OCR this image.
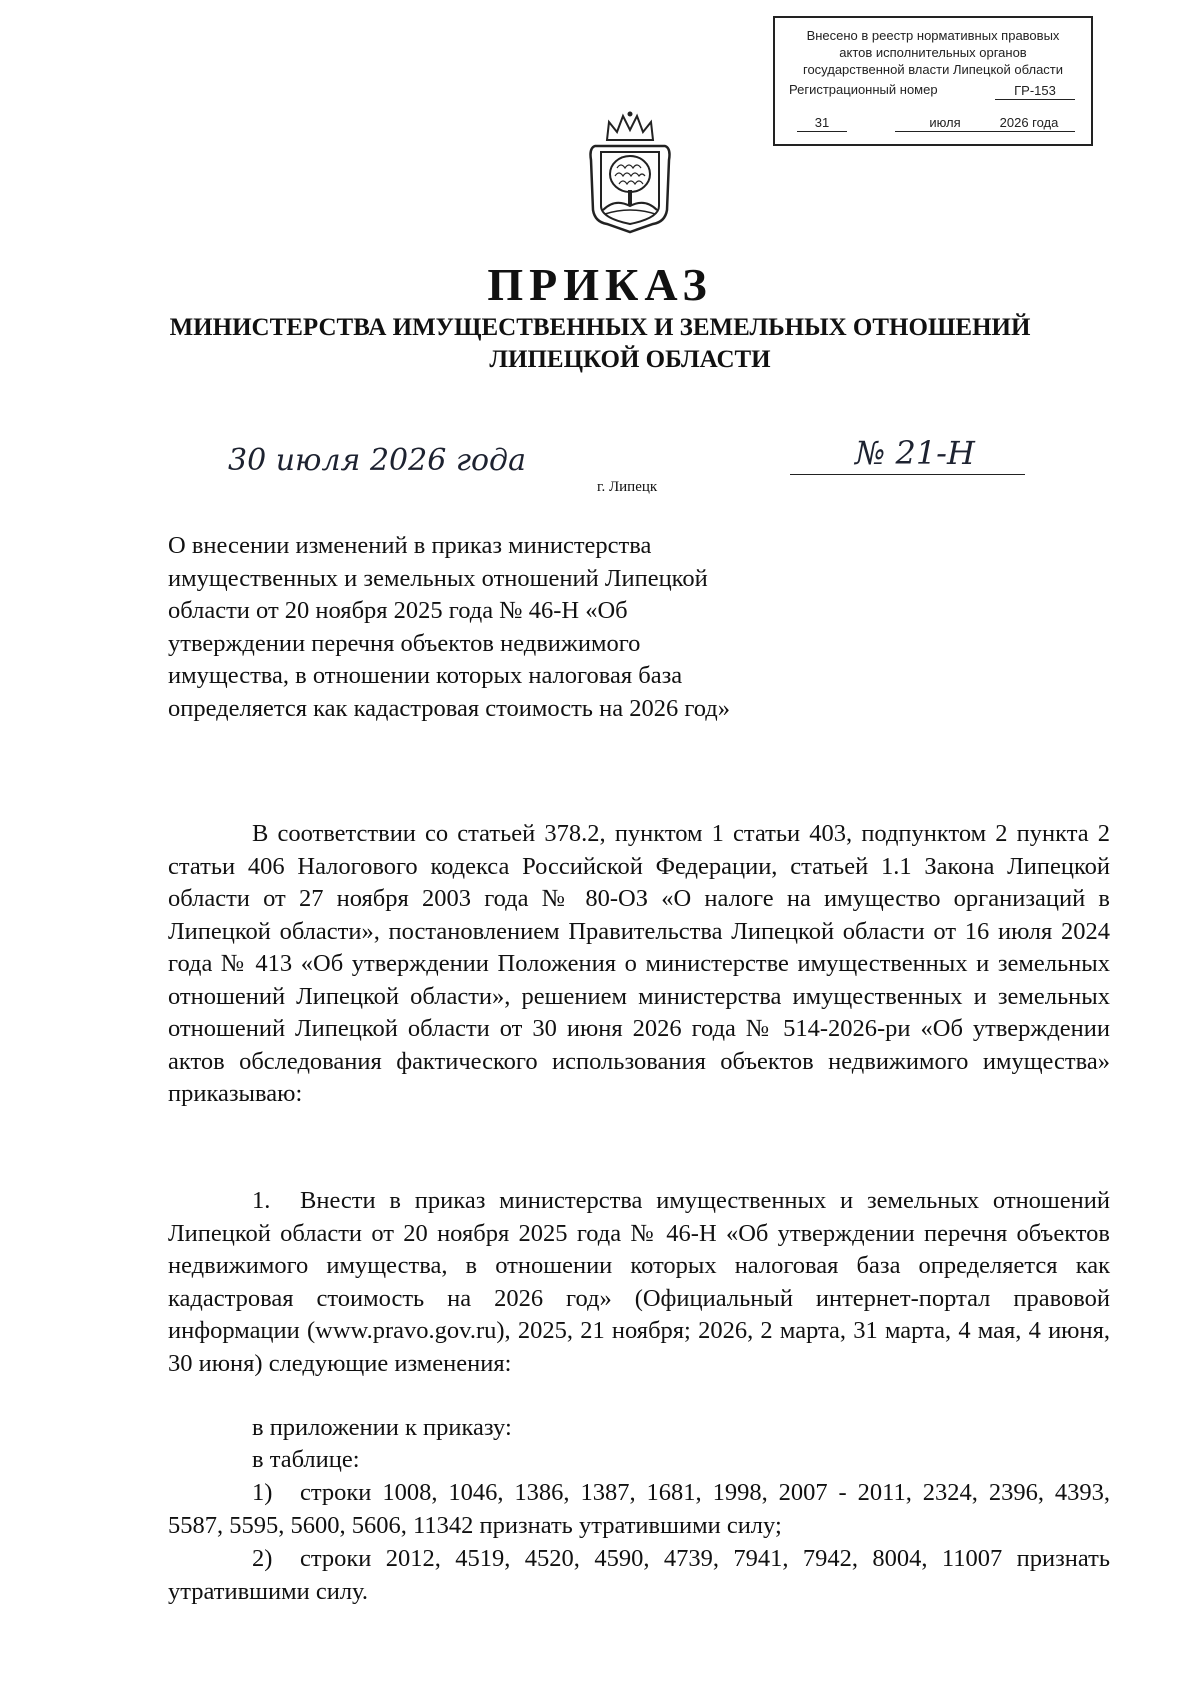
Внесено в реестр нормативных правовых
актов исполнительных органов
государственной власти Липецкой области
Регистрационный номер	ГР-153
31	июля	2026 года
ПРИКАЗ
МИНИСТЕРСТВА ИМУЩЕСТВЕННЫХ И ЗЕМЕЛЬНЫХ ОТНОШЕНИЙ
ЛИПЕЦКОЙ ОБЛАСТИ
30 июля 2026 года	№ 21-Н
г. Липецк
О внесении изменений в приказ министерства имущественных и земельных отношений Липецкой области от 20 ноября 2025 года № 46-Н «Об утверждении перечня объектов недвижимого имущества, в отношении которых налоговая база определяется как кадастровая стоимость на 2026 год»
В соответствии со статьей 378.2, пунктом 1 статьи 403, подпунктом 2 пункта 2 статьи 406 Налогового кодекса Российской Федерации, статьей 1.1 Закона Липецкой области от 27 ноября 2003 года № 80-ОЗ «О налоге на имущество организаций в Липецкой области», постановлением Правительства Липецкой области от 16 июля 2024 года № 413 «Об утверждении Положения о министерстве имущественных и земельных отношений Липецкой области», решением министерства имущественных и земельных отношений Липецкой области от 30 июня 2026 года № 514-2026-ри «Об утверждении актов обследования фактического использования объектов недвижимого имущества» приказываю:
1. Внести в приказ министерства имущественных и земельных отношений Липецкой области от 20 ноября 2025 года № 46-Н «Об утверждении перечня объектов недвижимого имущества, в отношении которых налоговая база определяется как кадастровая стоимость на 2026 год» (Официальный интернет-портал правовой информации (www.pravo.gov.ru), 2025, 21 ноября; 2026, 2 марта, 31 марта, 4 мая, 4 июня, 30 июня) следующие изменения:
в приложении к приказу:
в таблице:
1) строки 1008, 1046, 1386, 1387, 1681, 1998, 2007 - 2011, 2324, 2396, 4393, 5587, 5595, 5600, 5606, 11342 признать утратившими силу;
2) строки 2012, 4519, 4520, 4590, 4739, 7941, 7942, 8004, 11007 признать утратившими силу.
